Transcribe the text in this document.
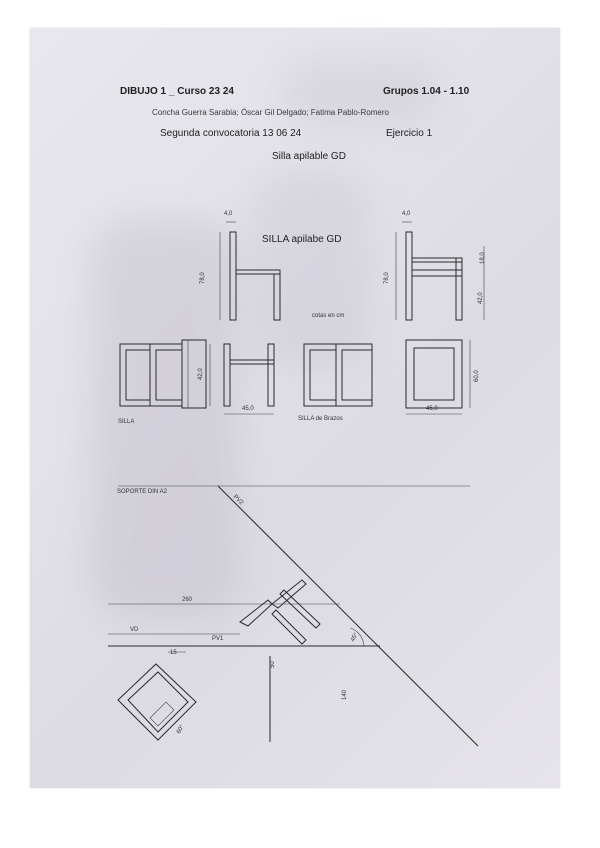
DIBUJO 1 _ Curso 23 24	Grupos 1.04 - 1.10
Concha Guerra Sarabia; Óscar Gil Delgado; Fatima Pablo-Romero
Segunda convocatoria 13 06 24	Ejercicio 1
Silla apilable GD
SILLA apilabe GD
cotas en cm
SILLA	SILLA de Brazos
4,0	4,0
78,0	78,0
18,0
42,0
42,0
45,0	45,0
60,0
SOPORTE DIN A2
PV2
260
VD
PV1	45°
15
50
140
60°
